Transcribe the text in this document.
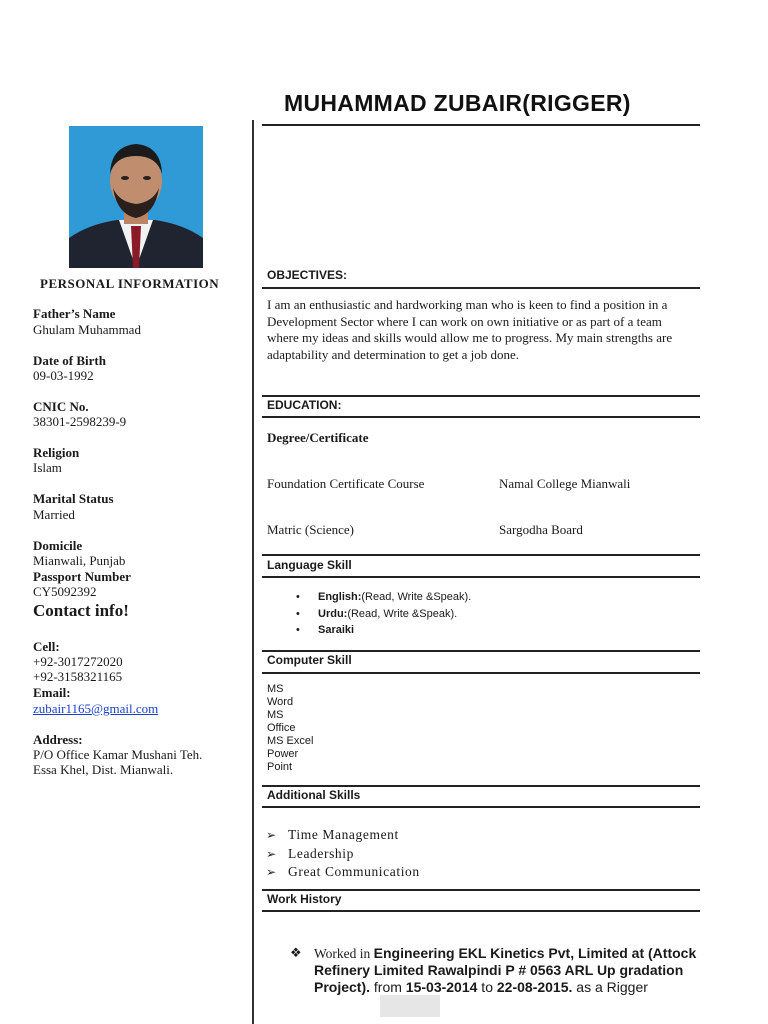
MUHAMMAD ZUBAIR(RIGGER)
PERSONAL INFORMATION
Father’s Name
Ghulam Muhammad
Date of Birth
09-03-1992
CNIC No.
38301-2598239-9
Religion
Islam
Marital Status
Married
Domicile
Mianwali, Punjab
Passport Number
CY5092392
Contact info!
Cell:
+92-3017272020
+92-3158321165
Email:
zubair1165@gmail.com
Address:
P/O Office Kamar Mushani Teh.
Essa Khel, Dist. Mianwali.
OBJECTIVES:
I am an enthusiastic and hardworking man who is keen to find a position in a Development Sector where I can work on own initiative or as part of a team where my ideas and skills would allow me to progress. My main strengths are adaptability and determination to get a job done.
EDUCATION:
Degree/Certificate
Foundation Certificate Course	Namal College Mianwali
Matric (Science)	Sargodha Board
Language Skill
• English:(Read, Write &Speak).
• Urdu:(Read, Write &Speak).
• Saraiki
Computer Skill
MS
Word
MS
Office
MS Excel
Power
Point
Additional Skills
➢ Time Management
➢ Leadership
➢ Great Communication
Work History
❖ Worked in Engineering EKL Kinetics Pvt, Limited at (Attock Refinery Limited Rawalpindi P # 0563 ARL Up gradation Project). from 15-03-2014 to 22-08-2015. as a Rigger
